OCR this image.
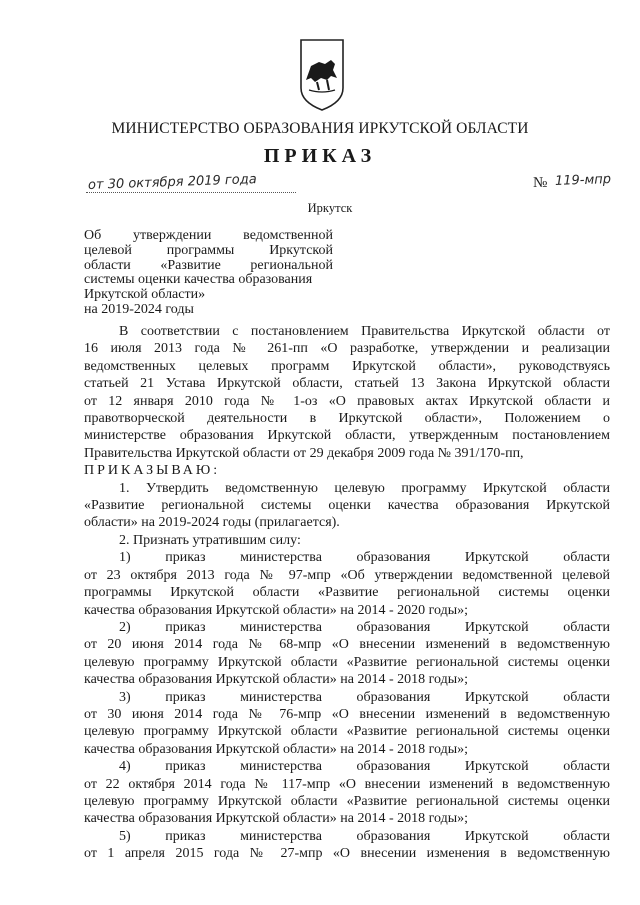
МИНИСТЕРСТВО ОБРАЗОВАНИЯ ИРКУТСКОЙ ОБЛАСТИ
ПРИКАЗ
от 30 октября 2019 года	№ 119-мпр
Иркутск
Об утверждении ведомственной
целевой программы Иркутской
области «Развитие региональной
системы оценки качества образования
Иркутской области»
на 2019-2024 годы
В соответствии с постановлением Правительства Иркутской области от
16 июля 2013 года № 261-пп «О разработке, утверждении и реализации
ведомственных целевых программ Иркутской области», руководствуясь
статьей 21 Устава Иркутской области, статьей 13 Закона Иркутской области
от 12 января 2010 года № 1-оз «О правовых актах Иркутской области и
правотворческой деятельности в Иркутской области», Положением о
министерстве образования Иркутской области, утвержденным постановлением
Правительства Иркутской области от 29 декабря 2009 года № 391/170-пп,
ПРИКАЗЫВАЮ:
1. Утвердить ведомственную целевую программу Иркутской области
«Развитие региональной системы оценки качества образования Иркутской
области» на 2019-2024 годы (прилагается).
2. Признать утратившим силу:
1) приказ министерства образования Иркутской области
от 23 октября 2013 года № 97-мпр «Об утверждении ведомственной целевой
программы Иркутской области «Развитие региональной системы оценки
качества образования Иркутской области» на 2014 - 2020 годы»;
2) приказ министерства образования Иркутской области
от 20 июня 2014 года № 68-мпр «О внесении изменений в ведомственную
целевую программу Иркутской области «Развитие региональной системы оценки
качества образования Иркутской области» на 2014 - 2018 годы»;
3) приказ министерства образования Иркутской области
от 30 июня 2014 года № 76-мпр «О внесении изменений в ведомственную
целевую программу Иркутской области «Развитие региональной системы оценки
качества образования Иркутской области» на 2014 - 2018 годы»;
4) приказ министерства образования Иркутской области
от 22 октября 2014 года № 117-мпр «О внесении изменений в ведомственную
целевую программу Иркутской области «Развитие региональной системы оценки
качества образования Иркутской области» на 2014 - 2018 годы»;
5) приказ министерства образования Иркутской области
от 1 апреля 2015 года № 27-мпр «О внесении изменения в ведомственную
